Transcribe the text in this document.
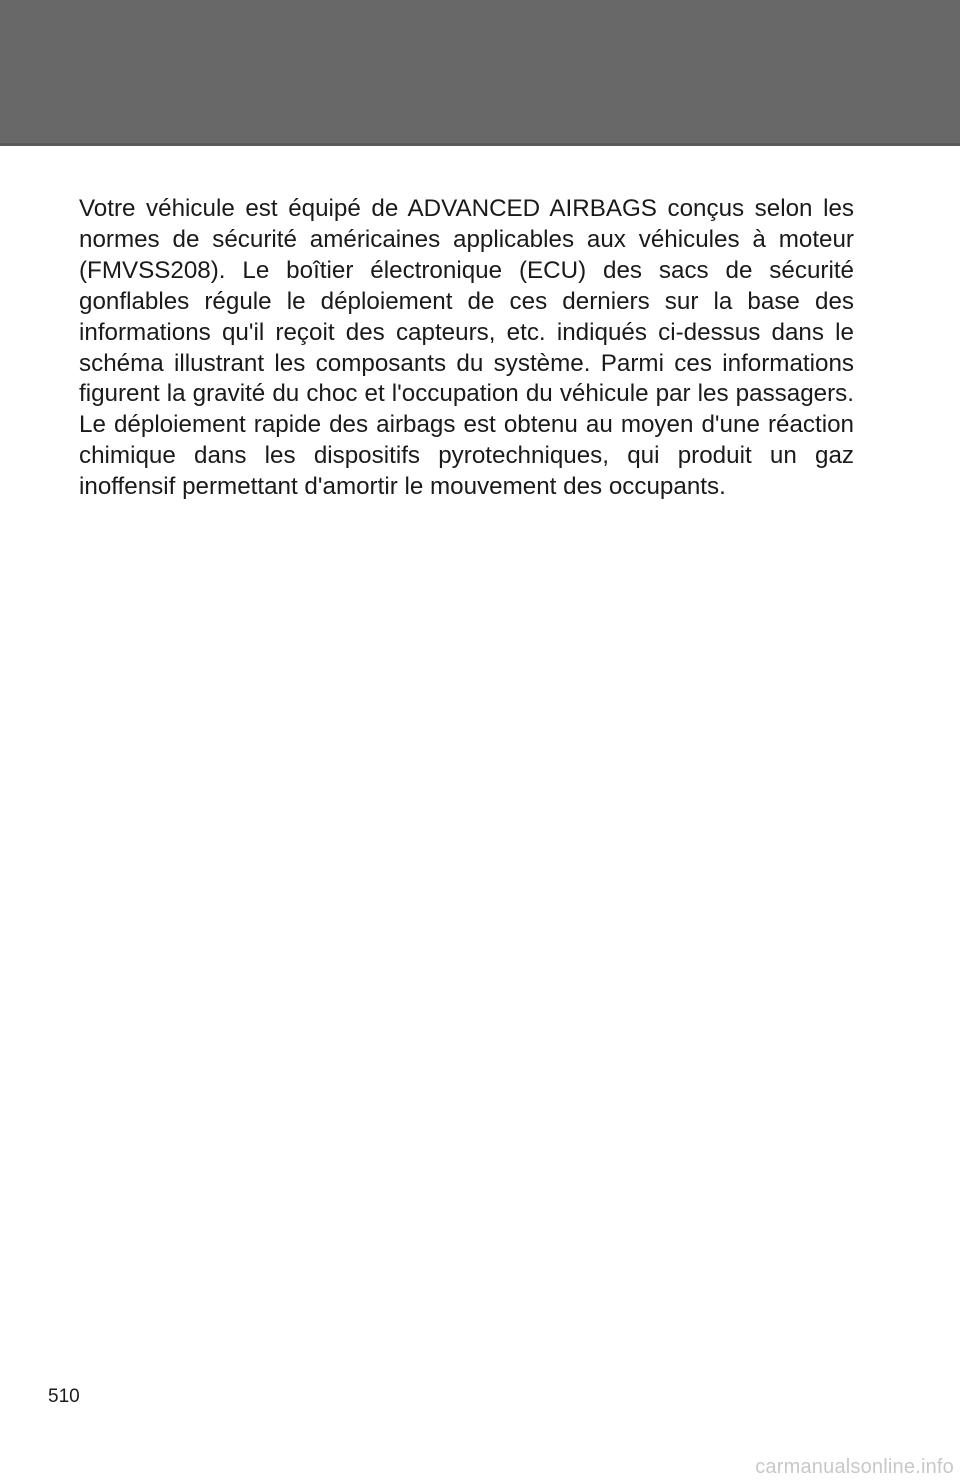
Votre véhicule est équipé de ADVANCED AIRBAGS conçus selon les normes de sécurité américaines applicables aux véhicules à moteur (FMVSS208). Le boîtier électronique (ECU) des sacs de sécurité gonflables régule le déploiement de ces derniers sur la base des informations qu'il reçoit des capteurs, etc. indiqués ci-dessus dans le schéma illustrant les composants du système. Parmi ces informations figurent la gravité du choc et l'occupation du véhicule par les passagers. Le déploiement rapide des airbags est obtenu au moyen d'une réaction chimique dans les dispositifs pyrotechniques, qui produit un gaz inoffensif permettant d'amortir le mouvement des occupants.

510
carmanualsonline.info
